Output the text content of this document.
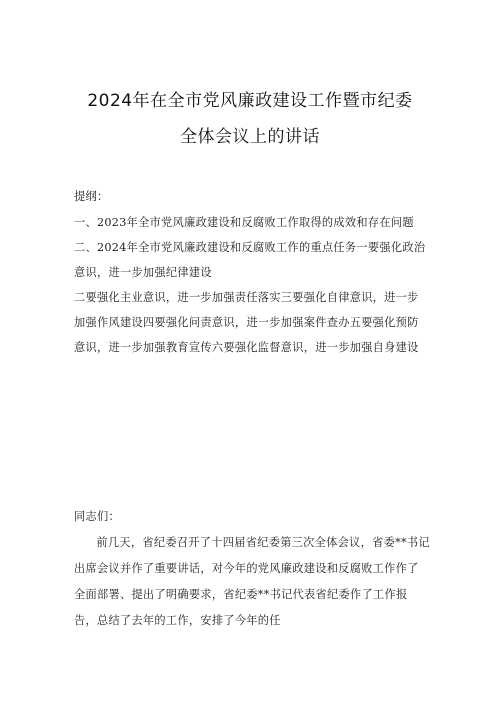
2024年在全市党风廉政建设工作暨市纪委
全体会议上的讲话

提纲：

一、2023年全市党风廉政建设和反腐败工作取得的成效和存在问题

二、2024年全市党风廉政建设和反腐败工作的重点任务一要强化政治意识，进一步加强纪律建设

二要强化主业意识，进一步加强责任落实三要强化自律意识，进一步加强作风建设四要强化问责意识，进一步加强案件查办五要强化预防意识，进一步加强教育宣传六要强化监督意识，进一步加强自身建设

同志们：

前几天，省纪委召开了十四届省纪委第三次全体会议，省委**书记出席会议并作了重要讲话，对今年的党风廉政建设和反腐败工作作了全面部署、提出了明确要求，省纪委**书记代表省纪委作了工作报告，总结了去年的工作，安排了今年的任
